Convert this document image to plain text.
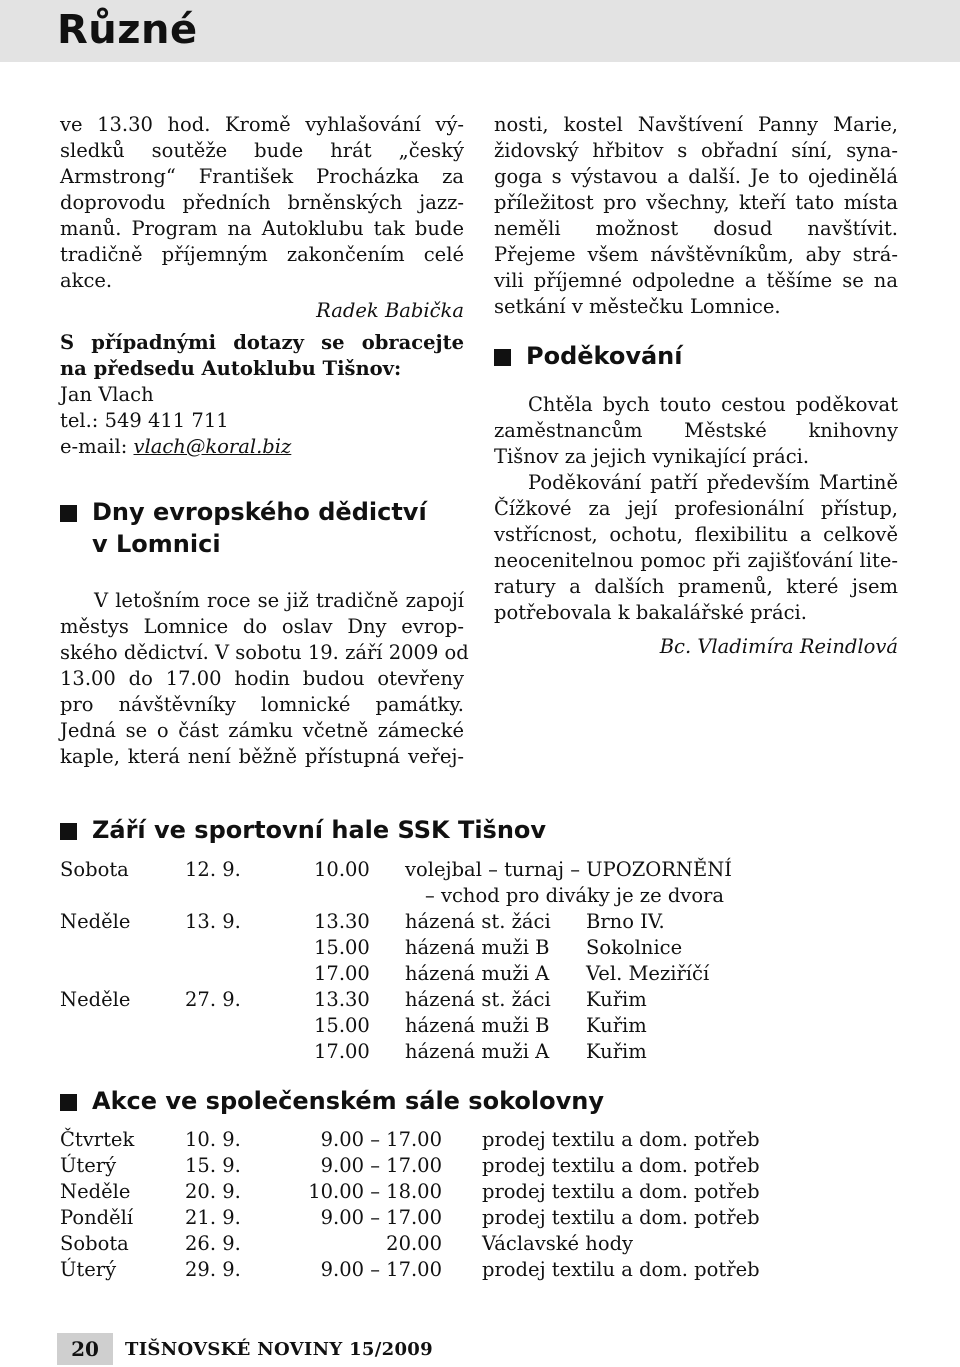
Různé

ve 13.30 hod. Kromě vyhlašování vý-

sledků soutěže bude hrát „český

Armstrong“ František Procházka za

doprovodu předních brněnských jazz-

manů. Program na Autoklubu tak bude

tradičně příjemným zakončením celé

akce.

Radek Babička

S případnými dotazy se obracejte

na předsedu Autoklubu Tišnov:

Jan Vlach

tel.: 549 411 711

e-mail: vlach@koral.biz

Dny evropského dědictví
v Lomnici

V letošním roce se již tradičně zapojí

městys Lomnice do oslav Dny evrop-

ského dědictví. V sobotu 19. září 2009 od

13.00 do 17.00 hodin budou otevřeny

pro návštěvníky lomnické památky.

Jedná se o část zámku včetně zámecké

kaple, která není běžně přístupná veřej-

nosti, kostel Navštívení Panny Marie,

židovský hřbitov s obřadní síní, syna-

goga s výstavou a další. Je to ojedinělá

příležitost pro všechny, kteří tato místa

neměli možnost dosud navštívit.

Přejeme všem návštěvníkům, aby strá-

vili příjemné odpoledne a těšíme se na

setkání v městečku Lomnice.

Poděkování

Chtěla bych touto cestou poděkovat

zaměstnancům Městské knihovny

Tišnov za jejich vynikající práci.

Poděkování patří především Martině

Čížkové za její profesionální přístup,

vstřícnost, ochotu, flexibilitu a celkově

neocenitelnou pomoc při zajišťování lite-

ratury a dalších pramenů, které jsem

potřebovala k bakalářské práci.

Bc. Vladimíra Reindlová

Září ve sportovní hale SSK Tišnov
Sobota	12. 9.	10.00	volejbal – turnaj – UPOZORNĚNÍ	
			– vchod pro diváky je ze dvora	
Neděle	13. 9.	13.30	házená st. žáci	Brno IV.
		15.00	házená muži B	Sokolnice
		17.00	házená muži A	Vel. Meziříčí
Neděle	27. 9.	13.30	házená st. žáci	Kuřim
		15.00	házená muži B	Kuřim
		17.00	házená muži A	Kuřim
Akce ve společenském sále sokolovny
Čtvrtek	10. 9.	9.00 – 17.00		prodej textilu a dom. potřeb
Úterý	15. 9.	9.00 – 17.00		prodej textilu a dom. potřeb
Neděle	20. 9.	10.00 – 18.00		prodej textilu a dom. potřeb
Pondělí	21. 9.	9.00 – 17.00		prodej textilu a dom. potřeb
Sobota	26. 9.	20.00		Václavské hody
Úterý	29. 9.	9.00 – 17.00		prodej textilu a dom. potřeb
20	TIŠNOVSKÉ NOVINY 15/2009
